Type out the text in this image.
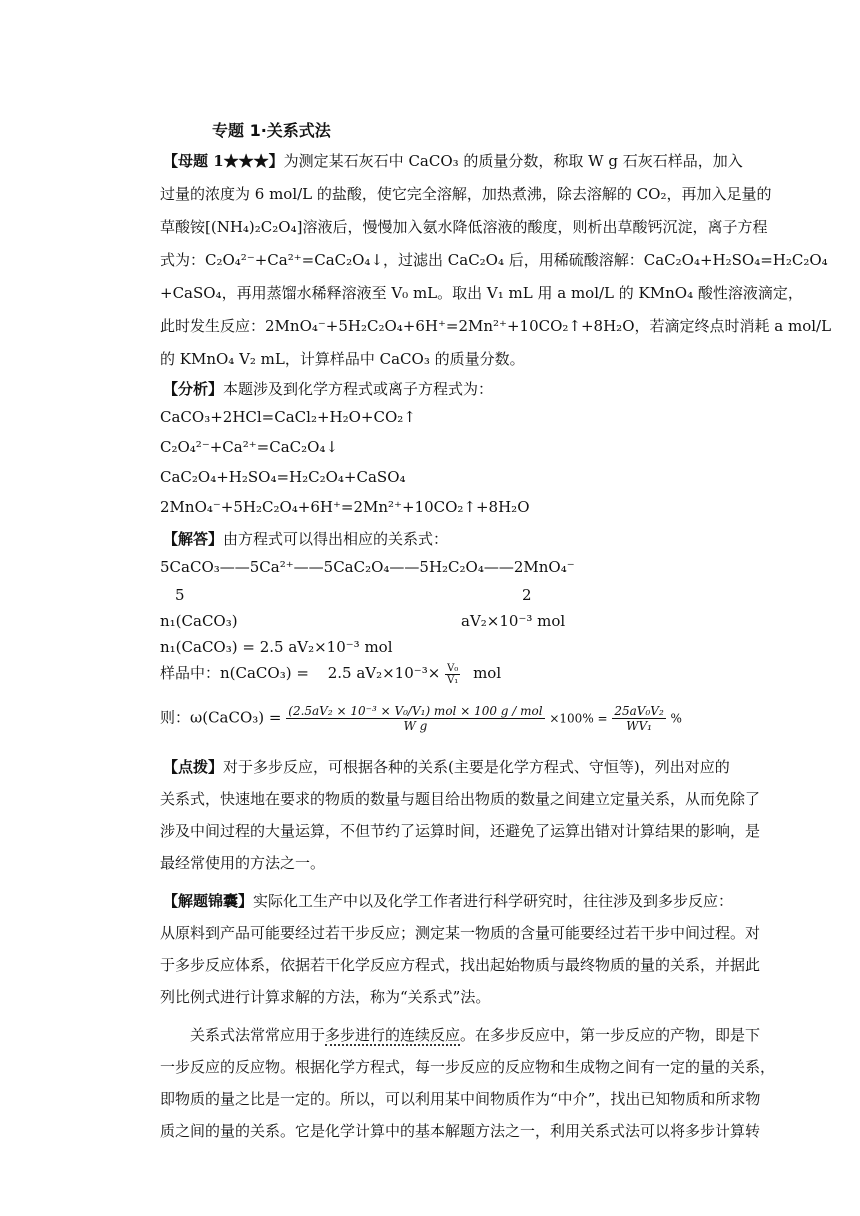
专题 1·关系式法
【母题 1★★★】为测定某石灰石中 CaCO₃ 的质量分数，称取 W g 石灰石样品，加入
过量的浓度为 6 mol/L 的盐酸，使它完全溶解，加热煮沸，除去溶解的 CO₂，再加入足量的
草酸铵[(NH₄)₂C₂O₄]溶液后，慢慢加入氨水降低溶液的酸度，则析出草酸钙沉淀，离子方程
式为：C₂O₄²⁻+Ca²⁺=CaC₂O₄↓，过滤出 CaC₂O₄ 后，用稀硫酸溶解：CaC₂O₄+H₂SO₄=H₂C₂O₄
+CaSO₄，再用蒸馏水稀释溶液至 V₀ mL。取出 V₁ mL 用 a mol/L 的 KMnO₄ 酸性溶液滴定，
此时发生反应：2MnO₄⁻+5H₂C₂O₄+6H⁺=2Mn²⁺+10CO₂↑+8H₂O，若滴定终点时消耗 a mol/L
的 KMnO₄ V₂ mL，计算样品中 CaCO₃ 的质量分数。
【分析】本题涉及到化学方程式或离子方程式为：
CaCO₃+2HCl=CaCl₂+H₂O+CO₂↑
C₂O₄²⁻+Ca²⁺=CaC₂O₄↓
CaC₂O₄+H₂SO₄=H₂C₂O₄+CaSO₄
2MnO₄⁻+5H₂C₂O₄+6H⁺=2Mn²⁺+10CO₂↑+8H₂O
【解答】由方程式可以得出相应的关系式：
5CaCO₃——5Ca²⁺——5CaC₂O₄——5H₂C₂O₄——2MnO₄⁻
5	2
n₁(CaCO₃)	aV₂×10⁻³ mol
n₁(CaCO₃) = 2.5 aV₂×10⁻³ mol
样品中：n(CaCO₃) = 2.5 $aV_2\times 10^{-3}\times \frac{\text{V₀}}{\text{V₁}}$ mol
则：ω(CaCO₃) = $\frac{\text{(2.5aV₂ × 10⁻³ × V₀/V₁) mol × 100 g / mol}}{\text{W g}} \times 100\% = \frac{\text{25aV₀V₂}}{\text{WV₁}}$ %
【点拨】对于多步反应，可根据各种的关系(主要是化学方程式、守恒等)，列出对应的
关系式，快速地在要求的物质的数量与题目给出物质的数量之间建立定量关系，从而免除了
涉及中间过程的大量运算，不但节约了运算时间，还避免了运算出错对计算结果的影响，是
最经常使用的方法之一。
【解题锦囊】实际化工生产中以及化学工作者进行科学研究时，往往涉及到多步反应：
从原料到产品可能要经过若干步反应；测定某一物质的含量可能要经过若干步中间过程。对
于多步反应体系，依据若干化学反应方程式，找出起始物质与最终物质的量的关系，并据此
列比例式进行计算求解的方法，称为“关系式”法。
关系式法常常应用于多步进行的连续反应。在多步反应中，第一步反应的产物，即是下
一步反应的反应物。根据化学方程式，每一步反应的反应物和生成物之间有一定的量的关系，
即物质的量之比是一定的。所以，可以利用某中间物质作为“中介”，找出已知物质和所求物
质之间的量的关系。它是化学计算中的基本解题方法之一，利用关系式法可以将多步计算转
